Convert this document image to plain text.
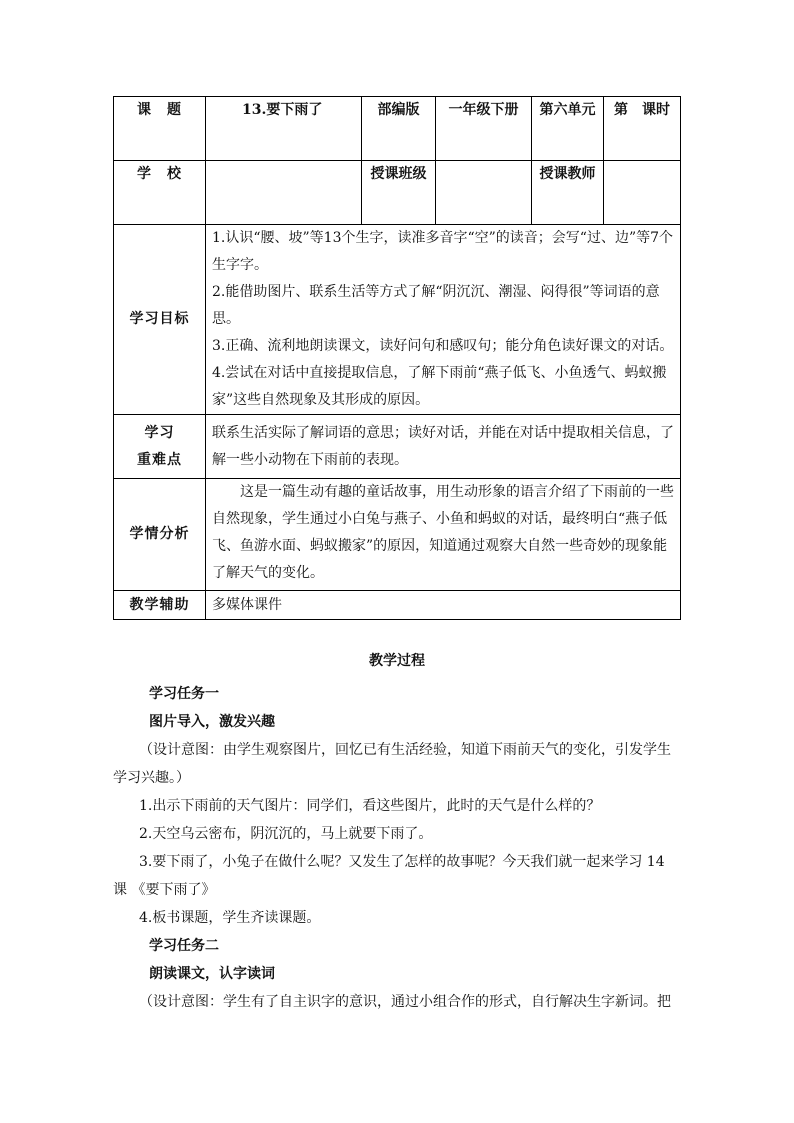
课　题	13.要下雨了	部编版	一年级下册	第六单元	第　课时
学　校		授课班级		授课教师	
学习目标	1.认识“腰、坡”等13个生字，读准多音字“空”的读音；会写“过、边”等7个生字字。

2.能借助图片、联系生活等方式了解“阴沉沉、潮湿、闷得很”等词语的意思。

3.正确、流利地朗读课文，读好问句和感叹句；能分角色读好课文的对话。

4.尝试在对话中直接提取信息，了解下雨前“燕子低飞、小鱼透气、蚂蚁搬家”这些自然现象及其形成的原因。				

学习
重难点	联系生活实际了解词语的意思；读好对话，并能在对话中提取相关信息，了解一些小动物在下雨前的表现。				
学情分析	这是一篇生动有趣的童话故事，用生动形象的语言介绍了下雨前的一些自然现象，学生通过小白兔与燕子、小鱼和蚂蚁的对话，最终明白“燕子低飞、鱼游水面、蚂蚁搬家”的原因，知道通过观察大自然一些奇妙的现象能了解天气的变化。				

教学辅助	多媒体课件				
教学过程

学习任务一

图片导入，激发兴趣

（设计意图：由学生观察图片，回忆已有生活经验，知道下雨前天气的变化，引发学生学习兴趣。）

1.出示下雨前的天气图片：同学们，看这些图片，此时的天气是什么样的？

2.天空乌云密布，阴沉沉的，马上就要下雨了。

3.要下雨了，小兔子在做什么呢？又发生了怎样的故事呢？今天我们就一起来学习 14 课 《要下雨了》

4.板书课题，学生齐读课题。

学习任务二

朗读课文，认字读词

（设计意图：学生有了自主识字的意识，通过小组合作的形式，自行解决生字新词。把
